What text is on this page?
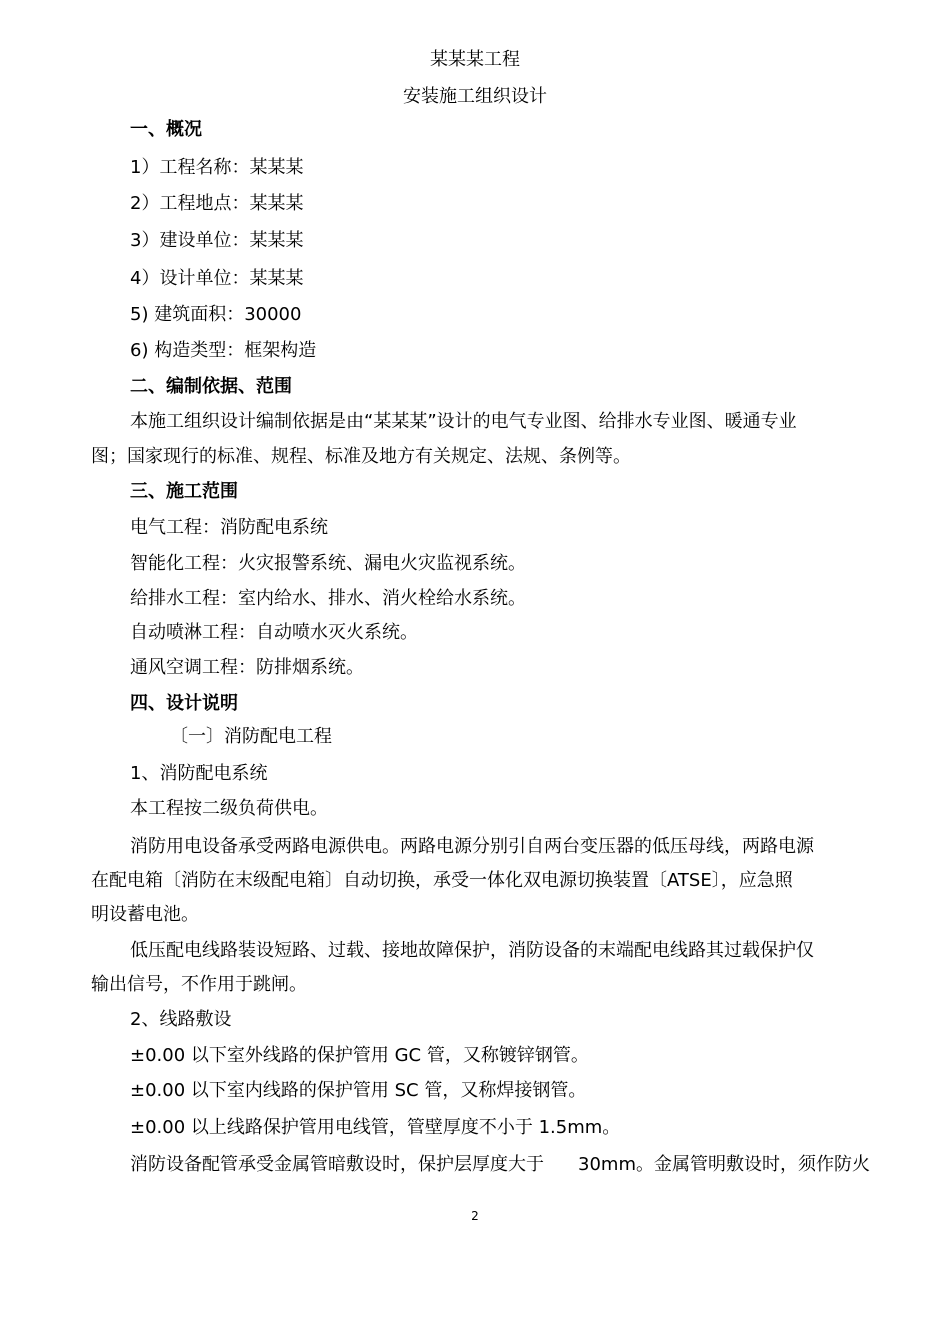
某某某工程
安装施工组织设计
一、概况
1）工程名称：某某某
2）工程地点：某某某
3）建设单位：某某某
4）设计单位：某某某
5) 建筑面积：30000
6) 构造类型：框架构造
二、编制依据、范围
本施工组织设计编制依据是由“某某某”设计的电气专业图、给排水专业图、暖通专业
图；国家现行的标准、规程、标准及地方有关规定、法规、条例等。
三、施工范围
电气工程：消防配电系统
智能化工程：火灾报警系统、漏电火灾监视系统。
给排水工程：室内给水、排水、消火栓给水系统。
自动喷淋工程：自动喷水灭火系统。
通风空调工程：防排烟系统。
四、设计说明
〔一〕消防配电工程
1、消防配电系统
本工程按二级负荷供电。
消防用电设备承受两路电源供电。两路电源分别引自两台变压器的低压母线，两路电源
在配电箱〔消防在末级配电箱〕自动切换，承受一体化双电源切换装置〔ATSE〕，应急照
明设蓄电池。
低压配电线路装设短路、过载、接地故障保护，消防设备的末端配电线路其过载保护仅
输出信号，不作用于跳闸。
2、线路敷设
±0.00 以下室外线路的保护管用 GC 管，又称镀锌钢管。
±0.00 以下室内线路的保护管用 SC 管，又称焊接钢管。
±0.00 以上线路保护管用电线管，管壁厚度不小于 1.5mm。
消防设备配管承受金属管暗敷设时，保护层厚度大于 30mm。金属管明敷设时，须作防火
2
